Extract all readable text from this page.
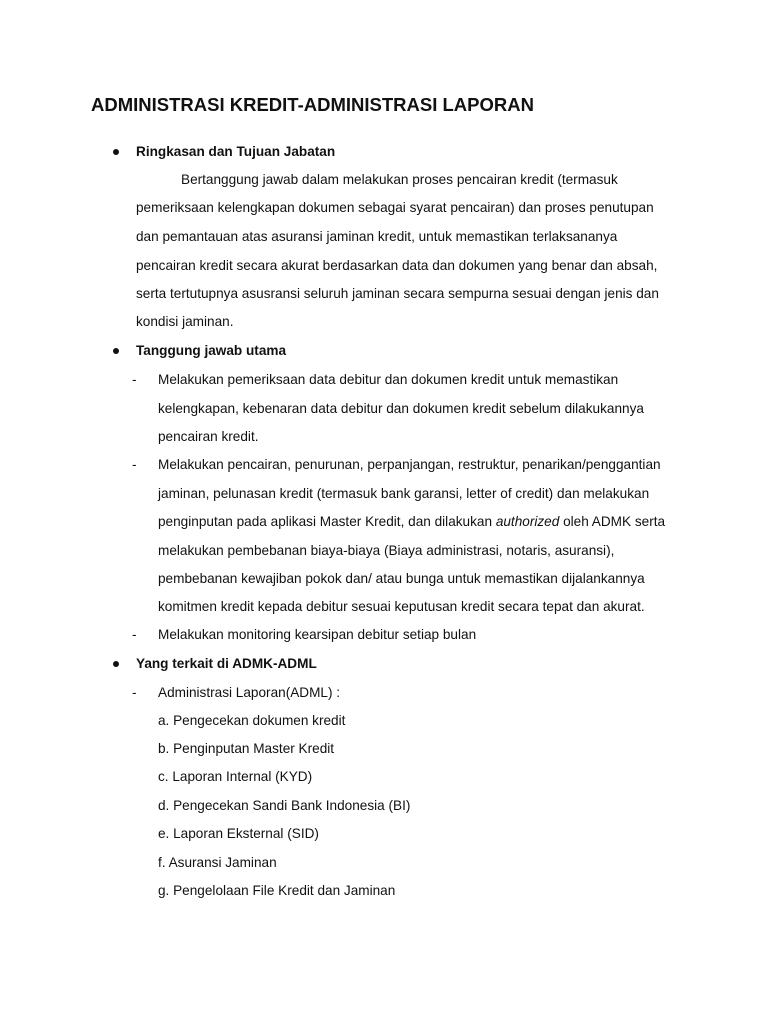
ADMINISTRASI KREDIT-ADMINISTRASI LAPORAN
Ringkasan dan Tujuan Jabatan
Bertanggung jawab dalam melakukan proses pencairan kredit (termasuk
pemeriksaan kelengkapan dokumen sebagai syarat pencairan) dan proses penutupan
dan pemantauan atas asuransi jaminan kredit, untuk memastikan terlaksananya
pencairan kredit secara akurat berdasarkan data dan dokumen yang benar dan absah,
serta tertutupnya asusransi seluruh jaminan secara sempurna sesuai dengan jenis dan
kondisi jaminan.
Tanggung jawab utama
- Melakukan pemeriksaan data debitur dan dokumen kredit untuk memastikan
kelengkapan, kebenaran data debitur dan dokumen kredit sebelum dilakukannya
pencairan kredit.
- Melakukan pencairan, penurunan, perpanjangan, restruktur, penarikan/penggantian
jaminan, pelunasan kredit (termasuk bank garansi, letter of credit) dan melakukan
penginputan pada aplikasi Master Kredit, dan dilakukan authorized oleh ADMK serta
melakukan pembebanan biaya-biaya (Biaya administrasi, notaris, asuransi),
pembebanan kewajiban pokok dan/ atau bunga untuk memastikan dijalankannya
komitmen kredit kepada debitur sesuai keputusan kredit secara tepat dan akurat.
- Melakukan monitoring kearsipan debitur setiap bulan
Yang terkait di ADMK-ADML
- Administrasi Laporan(ADML) :
a. Pengecekan dokumen kredit
b. Penginputan Master Kredit
c. Laporan Internal (KYD)
d. Pengecekan Sandi Bank Indonesia (BI)
e. Laporan Eksternal (SID)
f. Asuransi Jaminan
g. Pengelolaan File Kredit dan Jaminan
